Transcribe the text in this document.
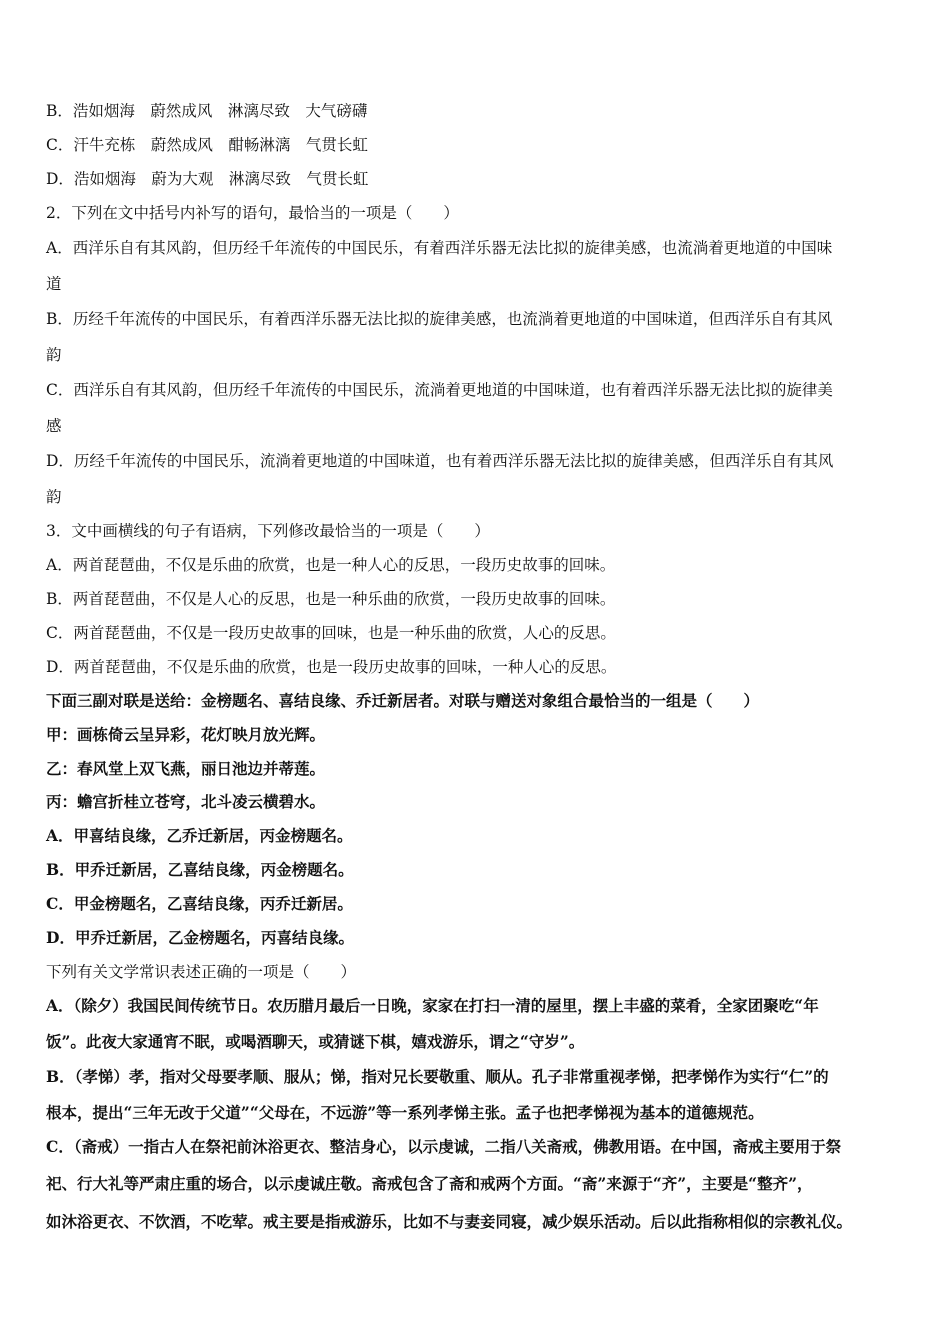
B．浩如烟海　蔚然成风　淋漓尽致　大气磅礴
C．汗牛充栋　蔚然成风　酣畅淋漓　气贯长虹
D．浩如烟海　蔚为大观　淋漓尽致　气贯长虹
2．下列在文中括号内补写的语句，最恰当的一项是（　　）
A．西洋乐自有其风韵，但历经千年流传的中国民乐，有着西洋乐器无法比拟的旋律美感，也流淌着更地道的中国味
道
B．历经千年流传的中国民乐，有着西洋乐器无法比拟的旋律美感，也流淌着更地道的中国味道，但西洋乐自有其风
韵
C．西洋乐自有其风韵，但历经千年流传的中国民乐，流淌着更地道的中国味道，也有着西洋乐器无法比拟的旋律美
感
D．历经千年流传的中国民乐，流淌着更地道的中国味道，也有着西洋乐器无法比拟的旋律美感，但西洋乐自有其风
韵
3．文中画横线的句子有语病，下列修改最恰当的一项是（　　）
A．两首琵琶曲，不仅是乐曲的欣赏，也是一种人心的反思，一段历史故事的回味。
B．两首琵琶曲，不仅是人心的反思，也是一种乐曲的欣赏，一段历史故事的回味。
C．两首琵琶曲，不仅是一段历史故事的回味，也是一种乐曲的欣赏，人心的反思。
D．两首琵琶曲，不仅是乐曲的欣赏，也是一段历史故事的回味，一种人心的反思。
下面三副对联是送给：金榜题名、喜结良缘、乔迁新居者。对联与赠送对象组合最恰当的一组是（　　）
甲：画栋倚云呈异彩，花灯映月放光辉。
乙：春风堂上双飞燕，丽日池边并蒂莲。
丙：蟾宫折桂立苍穹，北斗凌云横碧水。
A．甲喜结良缘，乙乔迁新居，丙金榜题名。
B．甲乔迁新居，乙喜结良缘，丙金榜题名。
C．甲金榜题名，乙喜结良缘，丙乔迁新居。
D．甲乔迁新居，乙金榜题名，丙喜结良缘。
下列有关文学常识表述正确的一项是（　　）
A．（除夕）我国民间传统节日。农历腊月最后一日晚，家家在打扫一清的屋里，摆上丰盛的菜肴，全家团聚吃“年
饭”。此夜大家通宵不眠，或喝酒聊天，或猜谜下棋，嬉戏游乐，谓之“守岁”。
B．（孝悌）孝，指对父母要孝顺、服从；悌，指对兄长要敬重、顺从。孔子非常重视孝悌，把孝悌作为实行“仁”的
根本，提出“三年无改于父道”“父母在，不远游”等一系列孝悌主张。孟子也把孝悌视为基本的道德规范。
C．（斋戒）一指古人在祭祀前沐浴更衣、整洁身心，以示虔诚，二指八关斋戒，佛教用语。在中国，斋戒主要用于祭
祀、行大礼等严肃庄重的场合，以示虔诚庄敬。斋戒包含了斋和戒两个方面。“斋”来源于“齐”，主要是“整齐”，
如沐浴更衣、不饮酒，不吃荤。戒主要是指戒游乐，比如不与妻妾同寝，减少娱乐活动。后以此指称相似的宗教礼仪。
